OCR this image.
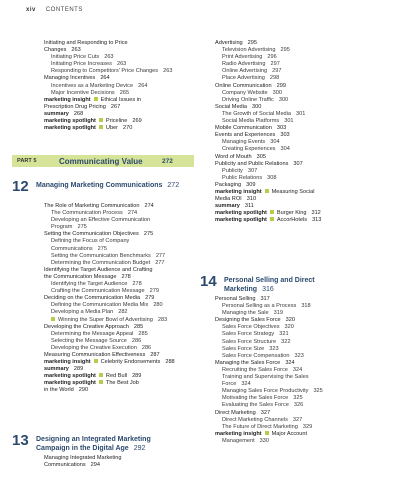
xiv CONTENTS
Initiating and Responding to Price
Changes 263
Initiating Price Cuts 263
Initiating Price Increases 263
Responding to Competitors' Price Changes 263
Managing Incentives 264
Incentives as a Marketing Device 264
Major Incentive Decisions 265
marketing insight Ethical Issues in
Prescription Drug Pricing 267
summary 268
marketing spotlight Priceline 269
marketing spotlight Uber 270
PART 5	Communicating Value	272
12 Managing Marketing Communications 272
The Role of Marketing Communication 274
The Communication Process 274
Developing an Effective Communication
Program 275
Setting the Communication Objectives 275
Defining the Focus of Company
Communications 275
Setting the Communication Benchmarks 277
Determining the Communication Budget 277
Identifying the Target Audience and Crafting
the Communication Message 278
Identifying the Target Audience 278
Crafting the Communication Message 279
Deciding on the Communication Media 279
Defining the Communication Media Mix 280
Developing a Media Plan 282
Winning the Super Bowl of Advertising 283
Developing the Creative Approach 285
Determining the Message Appeal 285
Selecting the Message Source 286
Developing the Creative Execution 286
Measuring Communication Effectiveness 287
marketing insight Celebrity Endorsements 288
summary 289
marketing spotlight Red Bull 289
marketing spotlight The Best Job
in the World 290
13 Designing an Integrated Marketing Campaign in the Digital Age 292
Managing Integrated Marketing
Communications 294
Advertising 295
Television Advertising 295
Print Advertising 296
Radio Advertising 297
Online Advertising 297
Place Advertising 298
Online Communication 299
Company Website 300
Driving Online Traffic 300
Social Media 300
The Growth of Social Media 301
Social Media Platforms 301
Mobile Communication 303
Events and Experiences 303
Managing Events 304
Creating Experiences 304
Word of Mouth 305
Publicity and Public Relations 307
Publicity 307
Public Relations 308
Packaging 309
marketing insight Measuring Social
Media ROI 310
summary 311
marketing spotlight Burger King 312
marketing spotlight AccorHotels 313
14 Personal Selling and Direct Marketing 316
Personal Selling 317
Personal Selling as a Process 318
Managing the Sale 319
Designing the Sales Force 320
Sales Force Objectives 320
Sales Force Strategy 321
Sales Force Structure 322
Sales Force Size 323
Sales Force Compensation 323
Managing the Sales Force 324
Recruiting the Sales Force 324
Training and Supervising the Sales
Force 324
Managing Sales Force Productivity 325
Motivating the Sales Force 325
Evaluating the Sales Force 326
Direct Marketing 327
Direct Marketing Channels 327
The Future of Direct Marketing 329
marketing insight Major Account
Management 330
